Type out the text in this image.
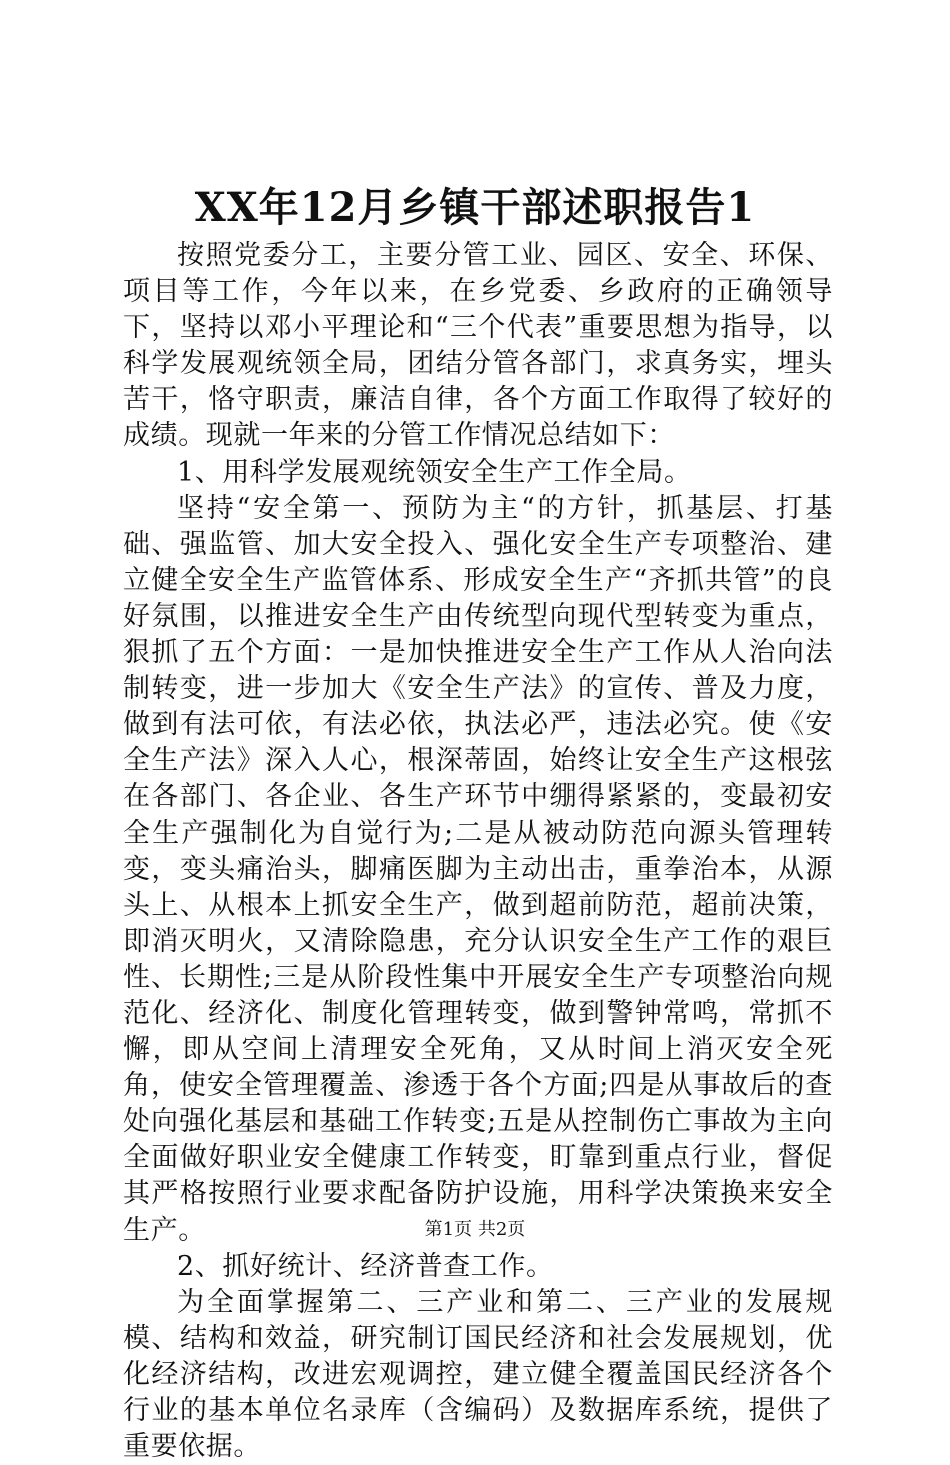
XX年12月乡镇干部述职报告1

按照党委分工，主要分管工业、园区、安全、环保、项目等工作，今年以来，在乡党委、乡政府的正确领导下，坚持以邓小平理论和“三个代表”重要思想为指导，以科学发展观统领全局，团结分管各部门，求真务实，埋头苦干，恪守职责，廉洁自律，各个方面工作取得了较好的成绩。现就一年来的分管工作情况总结如下：

1、用科学发展观统领安全生产工作全局。

坚持“安全第一、预防为主“的方针，抓基层、打基础、强监管、加大安全投入、强化安全生产专项整治、建立健全安全生产监管体系、形成安全生产“齐抓共管”的良好氛围，以推进安全生产由传统型向现代型转变为重点，狠抓了五个方面：一是加快推进安全生产工作从人治向法制转变，进一步加大《安全生产法》的宣传、普及力度，做到有法可依，有法必依，执法必严，违法必究。使《安全生产法》深入人心，根深蒂固，始终让安全生产这根弦在各部门、各企业、各生产环节中绷得紧紧的，变最初安全生产强制化为自觉行为;二是从被动防范向源头管理转变，变头痛治头，脚痛医脚为主动出击，重拳治本，从源头上、从根本上抓安全生产，做到超前防范，超前决策，即消灭明火，又清除隐患，充分认识安全生产工作的艰巨性、长期性;三是从阶段性集中开展安全生产专项整治向规范化、经济化、制度化管理转变，做到警钟常鸣，常抓不懈，即从空间上清理安全死角，又从时间上消灭安全死角，使安全管理覆盖、渗透于各个方面;四是从事故后的查处向强化基层和基础工作转变;五是从控制伤亡事故为主向全面做好职业安全健康工作转变，盯靠到重点行业，督促其严格按照行业要求配备防护设施，用科学决策换来安全生产。

2、抓好统计、经济普查工作。

为全面掌握第二、三产业和第二、三产业的发展规模、结构和效益，研究制订国民经济和社会发展规划，优化经济结构，改进宏观调控，建立健全覆盖国民经济各个行业的基本单位名录库（含编码）及数据库系统，提供了重要依据。

第1页 共2页
